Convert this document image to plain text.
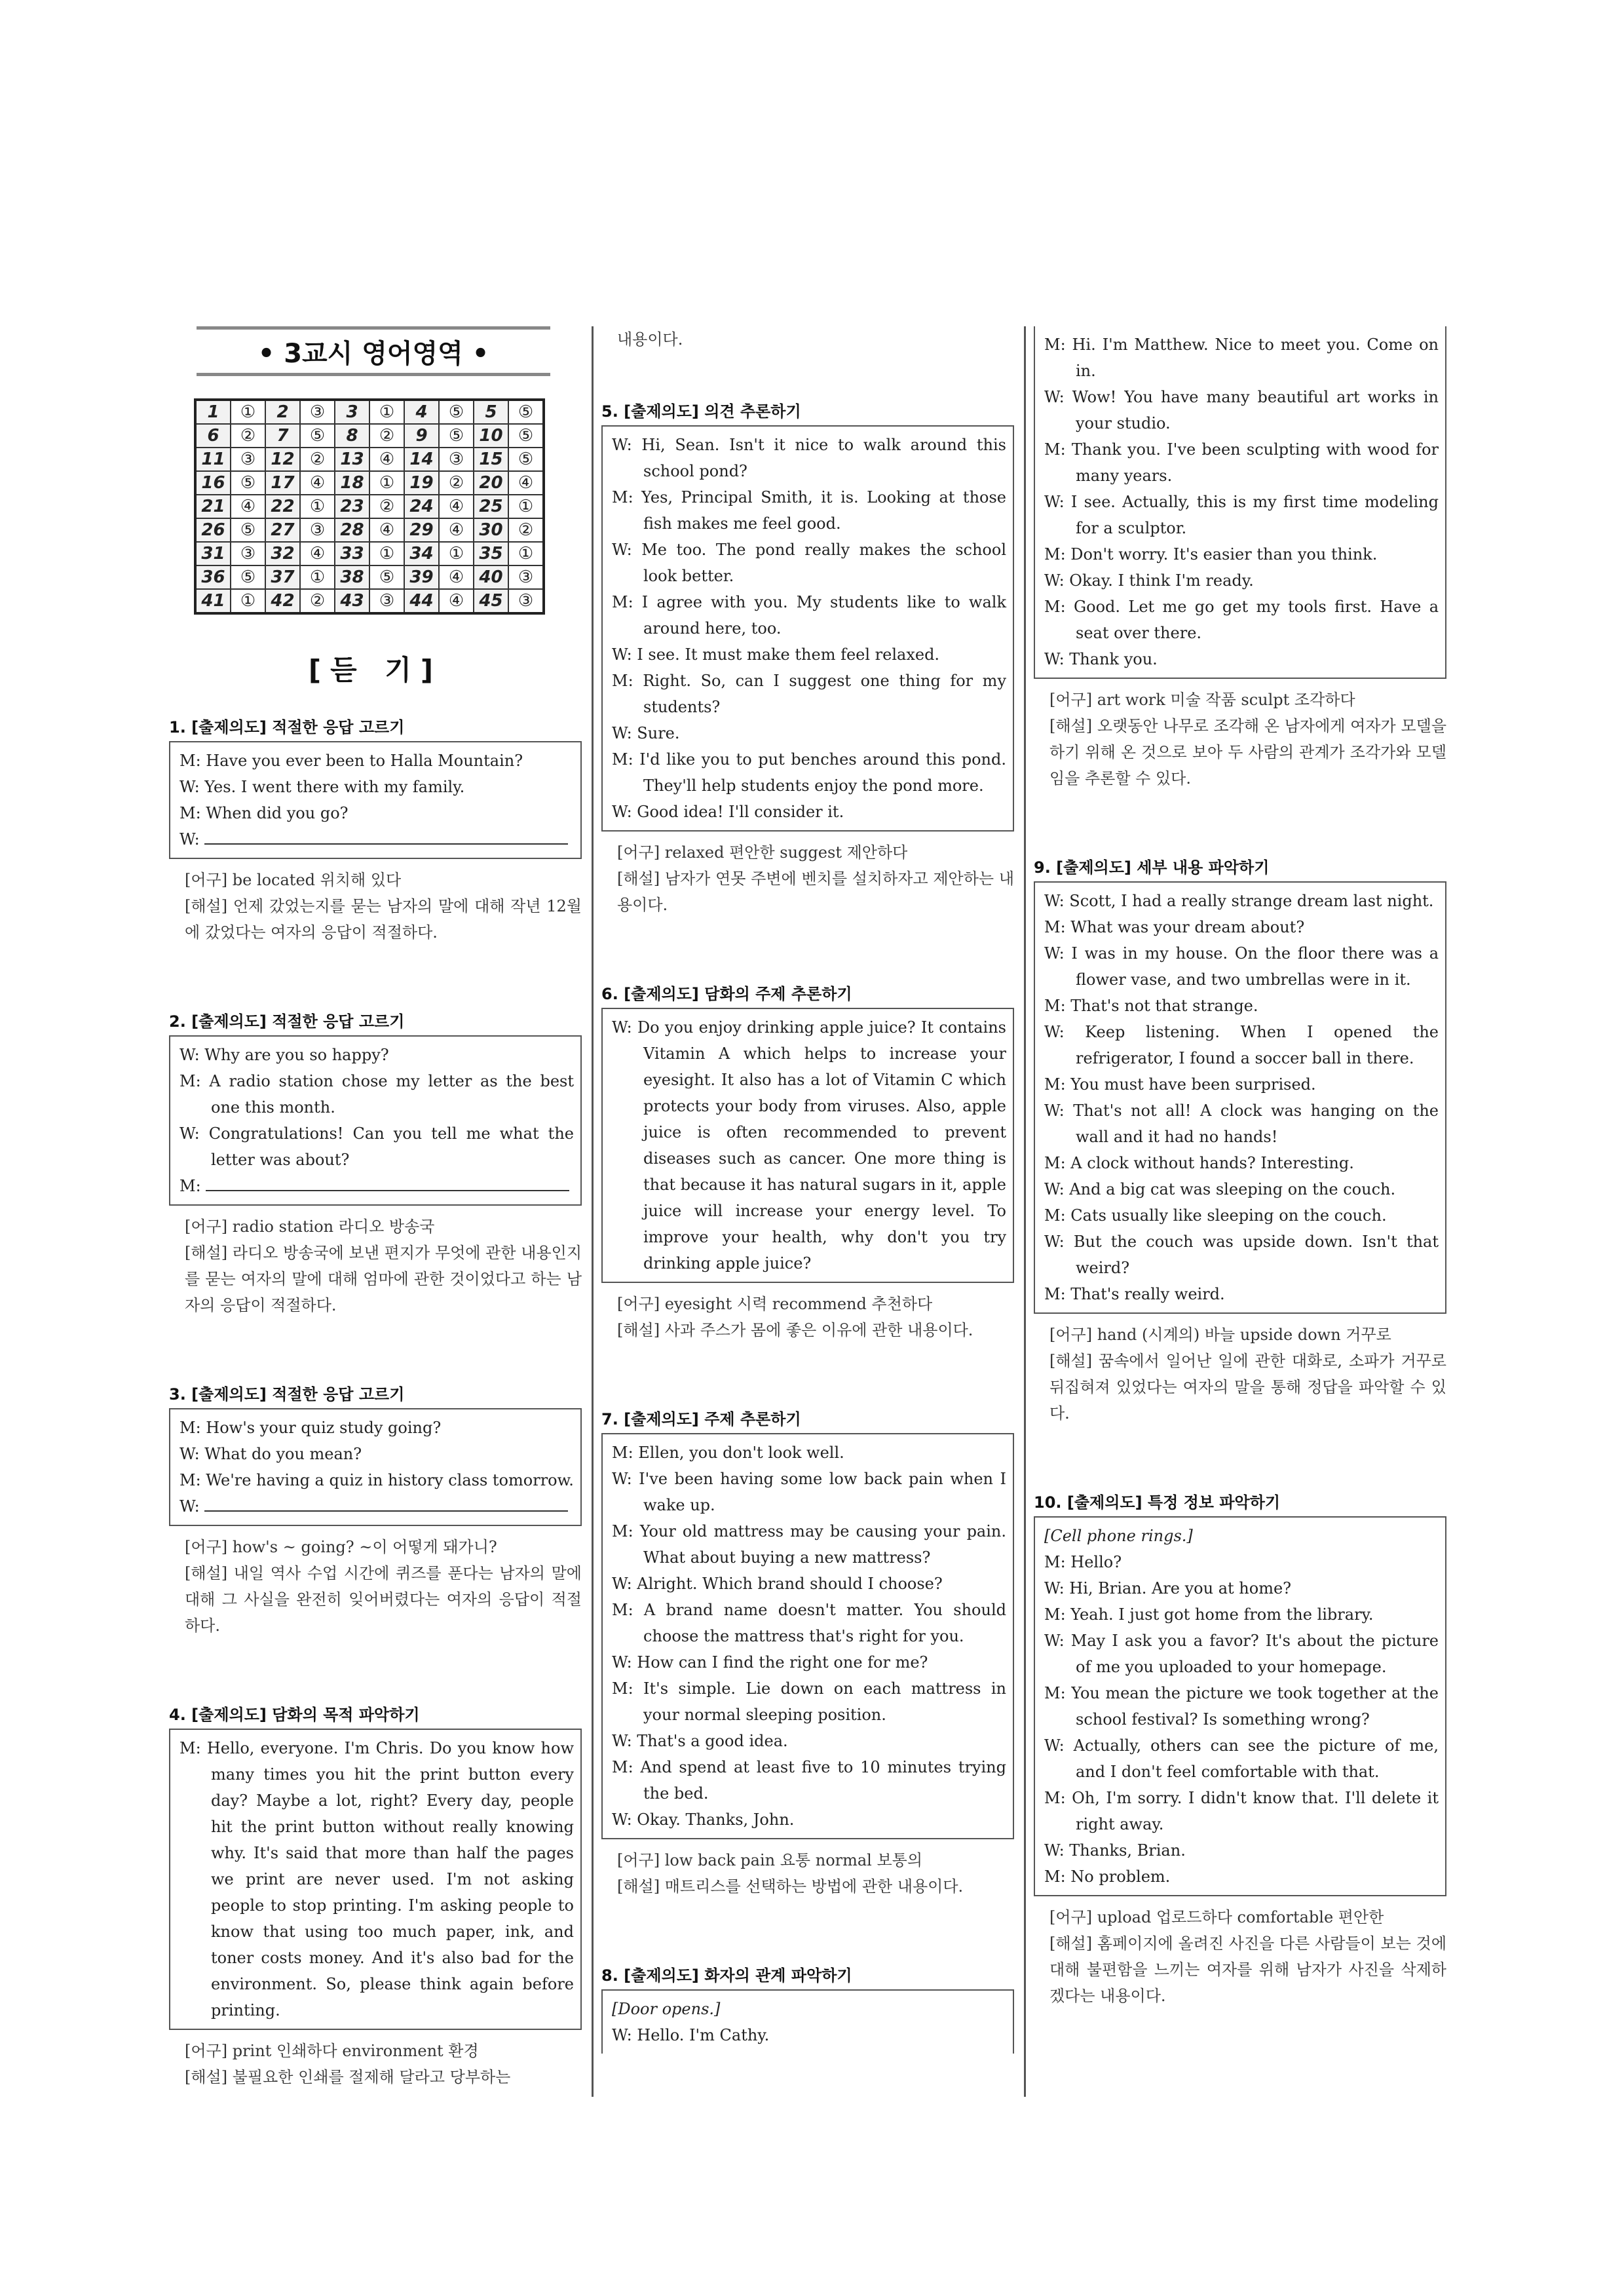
• 3교시 영어영역 •
1	①	2	③	3	①	4	⑤	5	⑤
6	②	7	⑤	8	②	9	⑤	10	⑤
11	③	12	②	13	④	14	③	15	⑤
16	⑤	17	④	18	①	19	②	20	④
21	④	22	①	23	②	24	④	25	①
26	⑤	27	③	28	④	29	④	30	②
31	③	32	④	33	①	34	①	35	①
36	⑤	37	①	38	⑤	39	④	40	③
41	①	42	②	43	③	44	④	45	③
[듣 기]
1. [출제의도] 적절한 응답 고르기
M: Have you ever been to Halla Mountain?
W: Yes. I went there with my family.
M: When did you go?
W:
[어구] be located 위치해 있다
[해설] 언제 갔었는지를 묻는 남자의 말에 대해 작년 12월에 갔었다는 여자의 응답이 적절하다.
2. [출제의도] 적절한 응답 고르기
W: Why are you so happy?
M: A radio station chose my letter as the best one this month.
W: Congratulations! Can you tell me what the letter was about?
M:
[어구] radio station 라디오 방송국
[해설] 라디오 방송국에 보낸 편지가 무엇에 관한 내용인지를 묻는 여자의 말에 대해 엄마에 관한 것이었다고 하는 남자의 응답이 적절하다.
3. [출제의도] 적절한 응답 고르기
M: How's your quiz study going?
W: What do you mean?
M: We're having a quiz in history class tomorrow.
W:
[어구] how's ~ going? ~이 어떻게 돼가니?
[해설] 내일 역사 수업 시간에 퀴즈를 푼다는 남자의 말에 대해 그 사실을 완전히 잊어버렸다는 여자의 응답이 적절하다.
4. [출제의도] 담화의 목적 파악하기
M: Hello, everyone. I'm Chris. Do you know how many times you hit the print button every day? Maybe a lot, right? Every day, people hit the print button without really knowing why. It's said that more than half the pages we print are never used. I'm not asking people to stop printing. I'm asking people to know that using too much paper, ink, and toner costs money. And it's also bad for the environment. So, please think again before printing.
[어구] print 인쇄하다 environment 환경
[해설] 불필요한 인쇄를 절제해 달라고 당부하는
내용이다.
5. [출제의도] 의견 추론하기
W: Hi, Sean. Isn't it nice to walk around this school pond?
M: Yes, Principal Smith, it is. Looking at those fish makes me feel good.
W: Me too. The pond really makes the school look better.
M: I agree with you. My students like to walk around here, too.
W: I see. It must make them feel relaxed.
M: Right. So, can I suggest one thing for my students?
W: Sure.
M: I'd like you to put benches around this pond. They'll help students enjoy the pond more.
W: Good idea! I'll consider it.
[어구] relaxed 편안한 suggest 제안하다
[해설] 남자가 연못 주변에 벤치를 설치하자고 제안하는 내용이다.
6. [출제의도] 담화의 주제 추론하기
W: Do you enjoy drinking apple juice? It contains Vitamin A which helps to increase your eyesight. It also has a lot of Vitamin C which protects your body from viruses. Also, apple juice is often recommended to prevent diseases such as cancer. One more thing is that because it has natural sugars in it, apple juice will increase your energy level. To improve your health, why don't you try drinking apple juice?
[어구] eyesight 시력 recommend 추천하다
[해설] 사과 주스가 몸에 좋은 이유에 관한 내용이다.
7. [출제의도] 주제 추론하기
M: Ellen, you don't look well.
W: I've been having some low back pain when I wake up.
M: Your old mattress may be causing your pain. What about buying a new mattress?
W: Alright. Which brand should I choose?
M: A brand name doesn't matter. You should choose the mattress that's right for you.
W: How can I find the right one for me?
M: It's simple. Lie down on each mattress in your normal sleeping position.
W: That's a good idea.
M: And spend at least five to 10 minutes trying the bed.
W: Okay. Thanks, John.
[어구] low back pain 요통 normal 보통의
[해설] 매트리스를 선택하는 방법에 관한 내용이다.
8. [출제의도] 화자의 관계 파악하기
[Door opens.]
W: Hello. I'm Cathy.
M: Hi. I'm Matthew. Nice to meet you. Come on in.
W: Wow! You have many beautiful art works in your studio.
M: Thank you. I've been sculpting with wood for many years.
W: I see. Actually, this is my first time modeling for a sculptor.
M: Don't worry. It's easier than you think.
W: Okay. I think I'm ready.
M: Good. Let me go get my tools first. Have a seat over there.
W: Thank you.
[어구] art work 미술 작품 sculpt 조각하다
[해설] 오랫동안 나무로 조각해 온 남자에게 여자가 모델을 하기 위해 온 것으로 보아 두 사람의 관계가 조각가와 모델임을 추론할 수 있다.
9. [출제의도] 세부 내용 파악하기
W: Scott, I had a really strange dream last night.
M: What was your dream about?
W: I was in my house. On the floor there was a flower vase, and two umbrellas were in it.
M: That's not that strange.
W: Keep listening. When I opened the refrigerator, I found a soccer ball in there.
M: You must have been surprised.
W: That's not all! A clock was hanging on the wall and it had no hands!
M: A clock without hands? Interesting.
W: And a big cat was sleeping on the couch.
M: Cats usually like sleeping on the couch.
W: But the couch was upside down. Isn't that weird?
M: That's really weird.
[어구] hand (시계의) 바늘 upside down 거꾸로
[해설] 꿈속에서 일어난 일에 관한 대화로, 소파가 거꾸로 뒤집혀져 있었다는 여자의 말을 통해 정답을 파악할 수 있다.
10. [출제의도] 특정 정보 파악하기
[Cell phone rings.]
M: Hello?
W: Hi, Brian. Are you at home?
M: Yeah. I just got home from the library.
W: May I ask you a favor? It's about the picture of me you uploaded to your homepage.
M: You mean the picture we took together at the school festival? Is something wrong?
W: Actually, others can see the picture of me, and I don't feel comfortable with that.
M: Oh, I'm sorry. I didn't know that. I'll delete it right away.
W: Thanks, Brian.
M: No problem.
[어구] upload 업로드하다 comfortable 편안한
[해설] 홈페이지에 올려진 사진을 다른 사람들이 보는 것에 대해 불편함을 느끼는 여자를 위해 남자가 사진을 삭제하겠다는 내용이다.
